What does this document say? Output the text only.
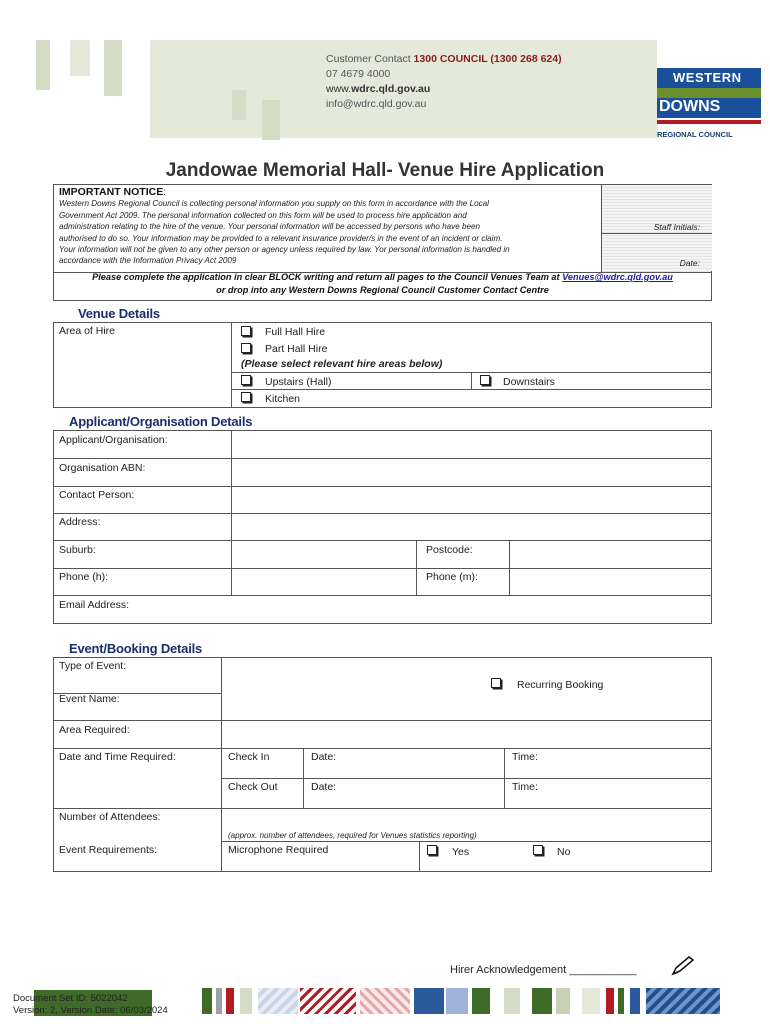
Customer Contact 1300 COUNCIL (1300 268 624)
07 4679 4000
www.wdrc.qld.gov.au
info@wdrc.qld.gov.au
WESTERN
DOWNS
REGIONAL COUNCIL
Jandowae Memorial Hall- Venue Hire Application
IMPORTANT NOTICE:
Western Downs Regional Council is collecting personal information you supply on this form in accordance with the Local
Government Act 2009. The personal information collected on this form will be used to process hire application and
administration relating to the hire of the venue. Your personal information will be accessed by persons who have been
authorised to do so. Your information may be provided to a relevant insurance provider/s in the event of an incident or claim.
Your information will not be given to any other person or agency unless required by law. Yor personal information is handled in
accordance with the Information Privacy Act 2009
Staff Initials:
Date:
Please complete the application in clear BLOCK writing and return all pages to the Council Venues Team at Venues@wdrc.qld.gov.au
or drop into any Western Downs Regional Council Customer Contact Centre
Venue Details
Area of Hire	Full Hall Hire
Part Hall Hire
(Please select relevant hire areas below)
Upstairs (Hall)	Downstairs
Kitchen
Applicant/Organisation Details
Applicant/Organisation:
Organisation ABN:
Contact Person:
Address:
Suburb:	Postcode:
Phone (h):	Phone (m):
Email Address:
Event/Booking Details
Type of Event:
Recurring Booking
Event Name:
Area Required:
Date and Time Required:	Check In	Date:	Time:
Check Out	Date:	Time:
Number of Attendees:
(approx. number of attendees, required for Venues statistics reporting)
Event Requirements:	Microphone Required	Yes	No
Hirer Acknowledgement ___________
Document Set ID: 5022042
Version: 2, Version Date: 06/03/2024
